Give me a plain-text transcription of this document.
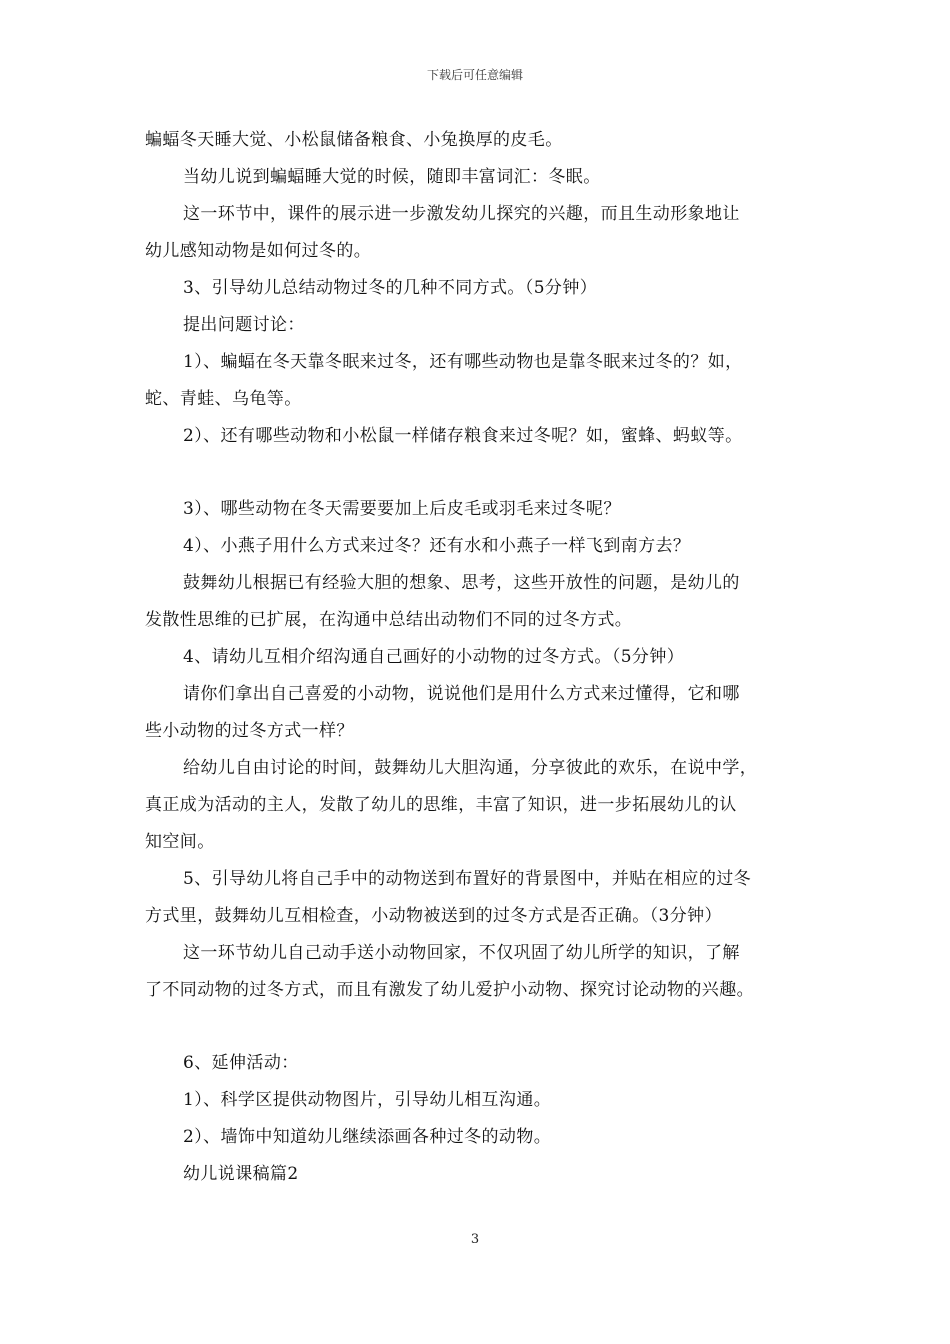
下载后可任意编辑

蝙蝠冬天睡大觉、小松鼠储备粮食、小兔换厚的皮毛。

当幼儿说到蝙蝠睡大觉的时候，随即丰富词汇：冬眠。

这一环节中，课件的展示进一步激发幼儿探究的兴趣，而且生动形象地让

幼儿感知动物是如何过冬的。

3、引导幼儿总结动物过冬的几种不同方式。（5分钟）

提出问题讨论：

1）、蝙蝠在冬天靠冬眠来过冬，还有哪些动物也是靠冬眠来过冬的？如，

蛇、青蛙、乌龟等。

2）、还有哪些动物和小松鼠一样储存粮食来过冬呢？如，蜜蜂、蚂蚁等。

3）、哪些动物在冬天需要要加上后皮毛或羽毛来过冬呢？

4）、小燕子用什么方式来过冬？还有水和小燕子一样飞到南方去？

鼓舞幼儿根据已有经验大胆的想象、思考，这些开放性的问题，是幼儿的

发散性思维的已扩展，在沟通中总结出动物们不同的过冬方式。

4、请幼儿互相介绍沟通自己画好的小动物的过冬方式。（5分钟）

请你们拿出自己喜爱的小动物，说说他们是用什么方式来过懂得，它和哪

些小动物的过冬方式一样？

给幼儿自由讨论的时间，鼓舞幼儿大胆沟通，分享彼此的欢乐，在说中学，

真正成为活动的主人，发散了幼儿的思维，丰富了知识，进一步拓展幼儿的认

知空间。

5、引导幼儿将自己手中的动物送到布置好的背景图中，并贴在相应的过冬

方式里，鼓舞幼儿互相检查，小动物被送到的过冬方式是否正确。（3分钟）

这一环节幼儿自己动手送小动物回家，不仅巩固了幼儿所学的知识，了解

了不同动物的过冬方式，而且有激发了幼儿爱护小动物、探究讨论动物的兴趣。

6、延伸活动：

1）、科学区提供动物图片，引导幼儿相互沟通。

2）、墙饰中知道幼儿继续添画各种过冬的动物。

幼儿说课稿篇2

3
